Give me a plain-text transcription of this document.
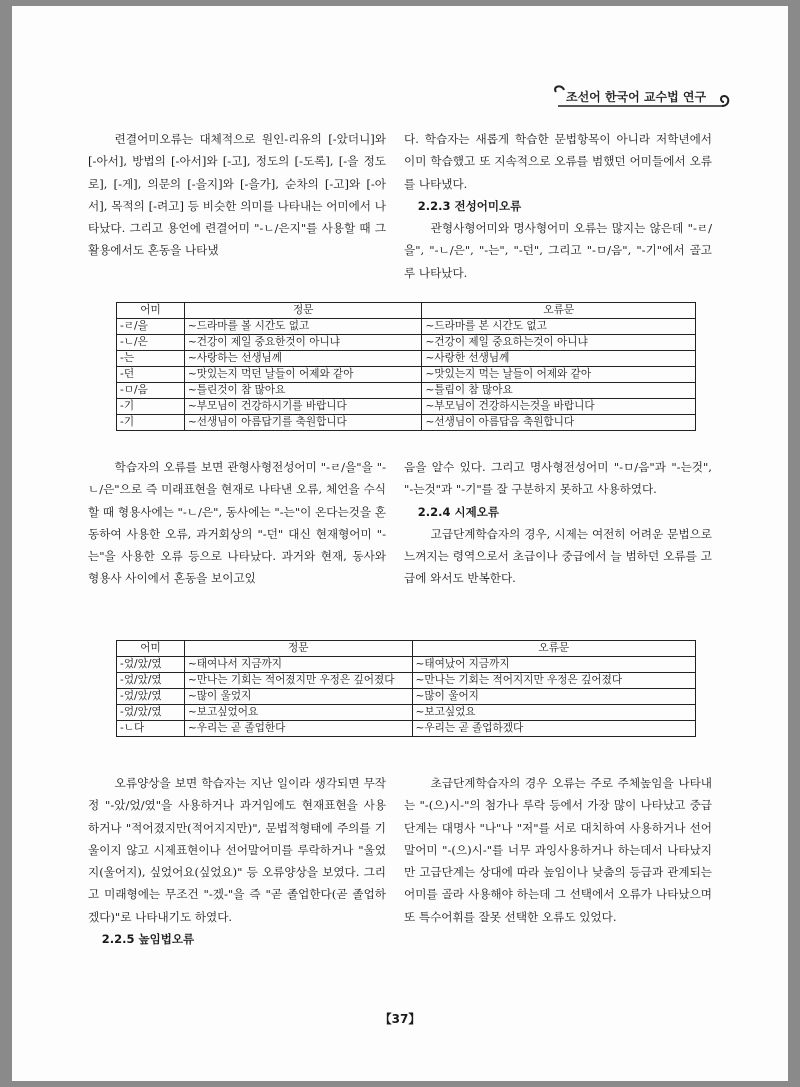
조선어 한국어 교수법 연구

련결어미오류는 대체적으로 원인-리유의 [-았더니]와 [-아서], 방법의 [-아서]와 [-고], 정도의 [-도록], [-을 정도로], [-게], 의문의 [-을지]와 [-을가], 순차의 [-고]와 [-아서], 목적의 [-려고] 등 비슷한 의미를 나타내는 어미에서 나타났다. 그리고 용언에 련결어미 "-ㄴ/은지"를 사용할 때 그 활용에서도 혼동을 나타냈

다. 학습자는 새롭게 학습한 문법항목이 아니라 저학년에서 이미 학습했고 또 지속적으로 오류를 범했던 어미들에서 오류를 나타냈다.

2.2.3 전성어미오류

관형사형어미와 명사형어미 오류는 많지는 않은데 "-ㄹ/을", "-ㄴ/은", "-는", "-던", 그리고 "-ㅁ/음", "-기"에서 골고루 나타났다.

어미	정문	오류문
-ㄹ/을	~드라마를 볼 시간도 없고	~드라마를 본 시간도 없고
-ㄴ/은	~건강이 제일 중요한것이 아니냐	~건강이 제일 중요하는것이 아니냐
-는	~사랑하는 선생님께	~사랑한 선생님께
-던	~맛있는지 먹던 날들이 어제와 같아	~맛있는지 먹는 날들이 어제와 같아
-ㅁ/음	~틀린것이 참 많아요	~틀림이 참 많아요
-기	~부모님이 건강하시기를 바랍니다	~부모님이 건강하시는것을 바랍니다
-기	~선생님이 아름답기를 축원합니다	~선생님이 아름답음 축원합니다

학습자의 오류를 보면 관형사형전성어미 "-ㄹ/을"을 "-ㄴ/은"으로 즉 미래표현을 현재로 나타낸 오류, 체언을 수식할 때 형용사에는 "-ㄴ/은", 동사에는 "-는"이 온다는것을 혼동하여 사용한 오류, 과거회상의 "-던" 대신 현재형어미 "-는"을 사용한 오류 등으로 나타났다. 과거와 현재, 동사와 형용사 사이에서 혼동을 보이고있

음을 알수 있다. 그리고 명사형전성어미 "-ㅁ/음"과 "-는것", "-는것"과 "-기"를 잘 구분하지 못하고 사용하였다.

2.2.4 시제오류

고급단계학습자의 경우, 시제는 여전히 어려운 문법으로 느껴지는 령역으로서 초급이나 중급에서 늘 범하던 오류를 고급에 와서도 반복한다.

어미	정문	오류문
-었/았/였	~태여나서 지금까지	~태여났어 지금까지
-었/았/였	~만나는 기회는 적어졌지만 우정은 깊어졌다	~만나는 기회는 적어지지만 우정은 깊어졌다
-었/았/였	~많이 울었지	~많이 울어지
-었/았/였	~보고싶었어요	~보고싶었요
-ㄴ다	~우리는 곧 졸업한다	~우리는 곧 졸업하겠다

오류양상을 보면 학습자는 지난 일이라 생각되면 무작정 "-았/었/였"을 사용하거나 과거임에도 현재표현을 사용하거나 "적어졌지만(적어지지만)", 문법적형태에 주의를 기울이지 않고 시제표현이나 선어말어미를 루락하거나 "울었지(울어지), 싶었어요(싶었요)" 등 오류양상을 보였다. 그리고 미래형에는 무조건 "-겠-"을 즉 "곧 졸업한다(곧 졸업하겠다)"로 나타내기도 하였다.

2.2.5 높임법오류

초급단계학습자의 경우 오류는 주로 주체높임을 나타내는 "-(으)시-"의 첨가나 루락 등에서 가장 많이 나타났고 중급단계는 대명사 "나"나 "저"를 서로 대치하여 사용하거나 선어말어미 "-(으)시-"를 너무 과잉사용하거나 하는데서 나타났지만 고급단계는 상대에 따라 높임이나 낮춤의 등급과 관계되는 어미를 골라 사용해야 하는데 그 선택에서 오류가 나타났으며 또 특수어휘를 잘못 선택한 오류도 있었다.

【37】
